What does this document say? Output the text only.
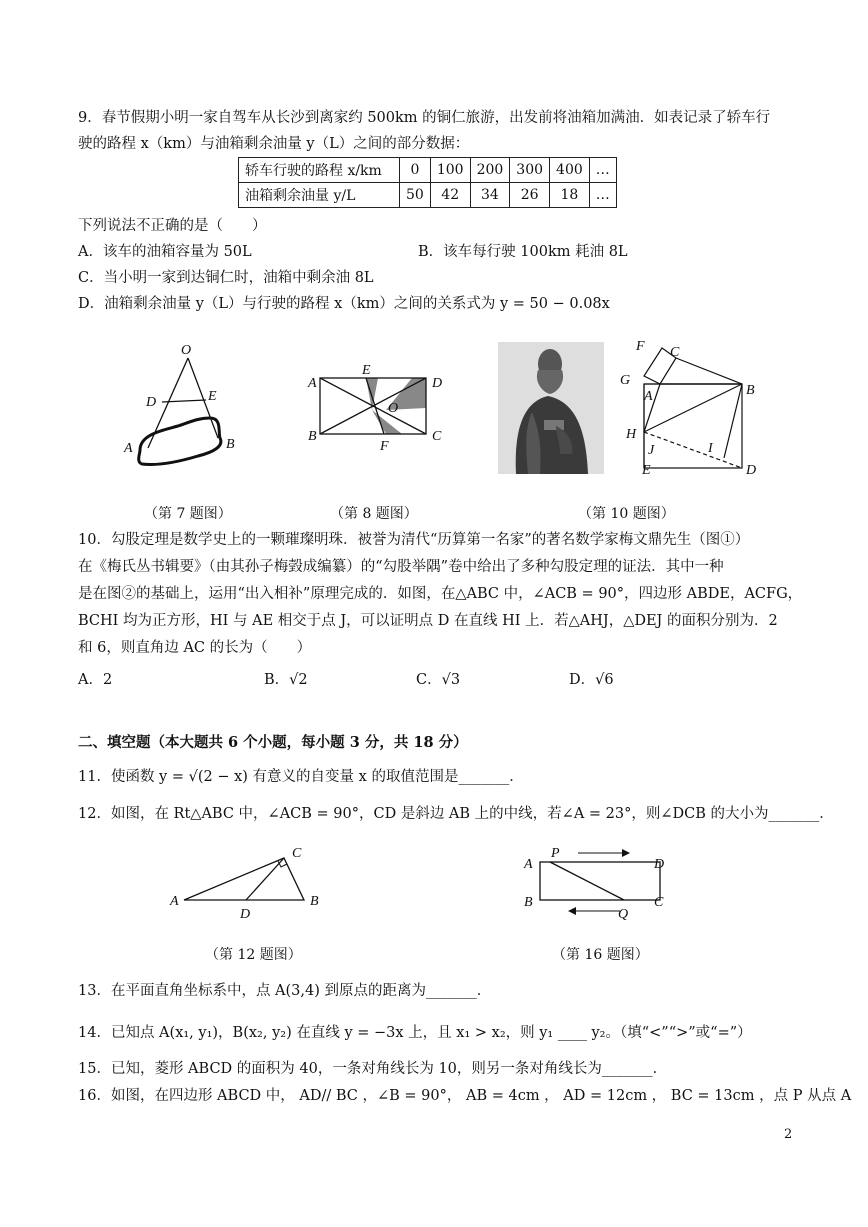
9．春节假期小明一家自驾车从长沙到离家约 500km 的铜仁旅游，出发前将油箱加满油．如表记录了轿车行
驶的路程 x（km）与油箱剩余油量 y（L）之间的部分数据：
轿车行驶的路程 x/km	0	100	200	300	400	…
油箱剩余油量 y/L	50	42	34	26	18	…
下列说法不正确的是（　　）
A．该车的油箱容量为 50L	B．该车每行驶 100km 耗油 8L
C．当小明一家到达铜仁时，油箱中剩余油 8L
D．油箱剩余油量 y（L）与行驶的路程 x（km）之间的关系式为 y = 50 − 0.08x
O
D	E
A	B
（第 7 题图）
A
E
D
O
B
F
C
（第 8 题图）
F C
G
A	B
H
J	I
E	D
（第 10 题图）
10．勾股定理是数学史上的一颗璀璨明珠．被誉为清代“历算第一名家”的著名数学家梅文鼎先生（图①）
在《梅氏丛书辑要》（由其孙子梅瑴成编纂）的“勾股举隅”卷中给出了多种勾股定理的证法．其中一种
是在图②的基础上，运用“出入相补”原理完成的．如图，在△ABC 中，∠ACB = 90°，四边形 ABDE，ACFG，
BCHI 均为正方形，HI 与 AE 相交于点 J，可以证明点 D 在直线 HI 上．若△AHJ，△DEJ 的面积分别为．2
和 6，则直角边 AC 的长为（　　）
A．2	B．√2	C．√3	D．√6
二、填空题（本大题共 6 个小题，每小题 3 分，共 18 分）
11．使函数 y = √(2 − x) 有意义的自变量 x 的取值范围是_______．
12．如图，在 Rt△ABC 中，∠ACB = 90°，CD 是斜边 AB 上的中线，若∠A = 23°，则∠DCB 的大小为_______．
C
A
D
B
（第 12 题图）
A
P
D
B
Q
C
（第 16 题图）
13．在平面直角坐标系中，点 A(3,4) 到原点的距离为_______．
14．已知点 A(x₁, y₁)，B(x₂, y₂) 在直线 y = −3x 上，且 x₁ > x₂，则 y₁ ____ y₂。（填“<”“>”或“=”）
15．已知，菱形 ABCD 的面积为 40，一条对角线长为 10，则另一条对角线长为_______．
16．如图，在四边形 ABCD 中， AD// BC ，∠B = 90°， AB = 4cm ， AD = 12cm ， BC = 13cm ，点 P 从点 A
2
